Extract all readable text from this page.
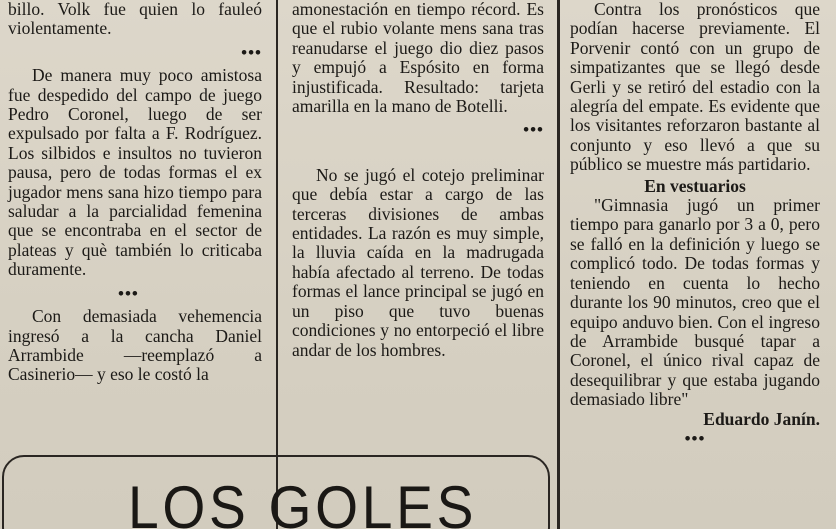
billo. Volk fue quien lo fauleó violentamente.

•••

De manera muy poco amistosa fue despedido del campo de juego Pedro Coronel, luego de ser expulsado por falta a F. Rodríguez. Los silbidos e insultos no tuvieron pausa, pero de todas formas el ex jugador mens sana hizo tiempo para saludar a la parcialidad femenina que se encontraba en el sector de plateas y què también lo criticaba duramente.

•••

Con demasiada vehemencia ingresó a la cancha Daniel Arrambide —reemplazó a Casinerio— y eso le costó la

amonestación en tiempo récord. Es que el rubio volante mens sana tras reanudarse el juego dio diez pasos y empujó a Espósito en forma injustificada. Resultado: tarjeta amarilla en la mano de Botelli.

•••

No se jugó el cotejo preliminar que debía estar a cargo de las terceras divisiones de ambas entidades. La razón es muy simple, la lluvia caída en la madrugada había afectado al terreno. De todas formas el lance principal se jugó en un piso que tuvo buenas condiciones y no entorpeció el libre andar de los hombres.

Contra los pronósticos que podían hacerse previamente. El Porvenir contó con un grupo de simpatizantes que se llegó desde Gerli y se retiró del estadio con la alegría del empate. Es evidente que los visitantes reforzaron bastante al conjunto y eso llevó a que su público se muestre más partidario.

En vestuarios

"Gimnasia jugó un primer tiempo para ganarlo por 3 a 0, pero se falló en la definición y luego se complicó todo. De todas formas y teniendo en cuenta lo hecho durante los 90 minutos, creo que el equipo anduvo bien. Con el ingreso de Arrambide busqué tapar a Coronel, el único rival capaz de desequilibrar y que estaba jugando demasiado libre"

Eduardo Janín.
•••
LOS GOLES
